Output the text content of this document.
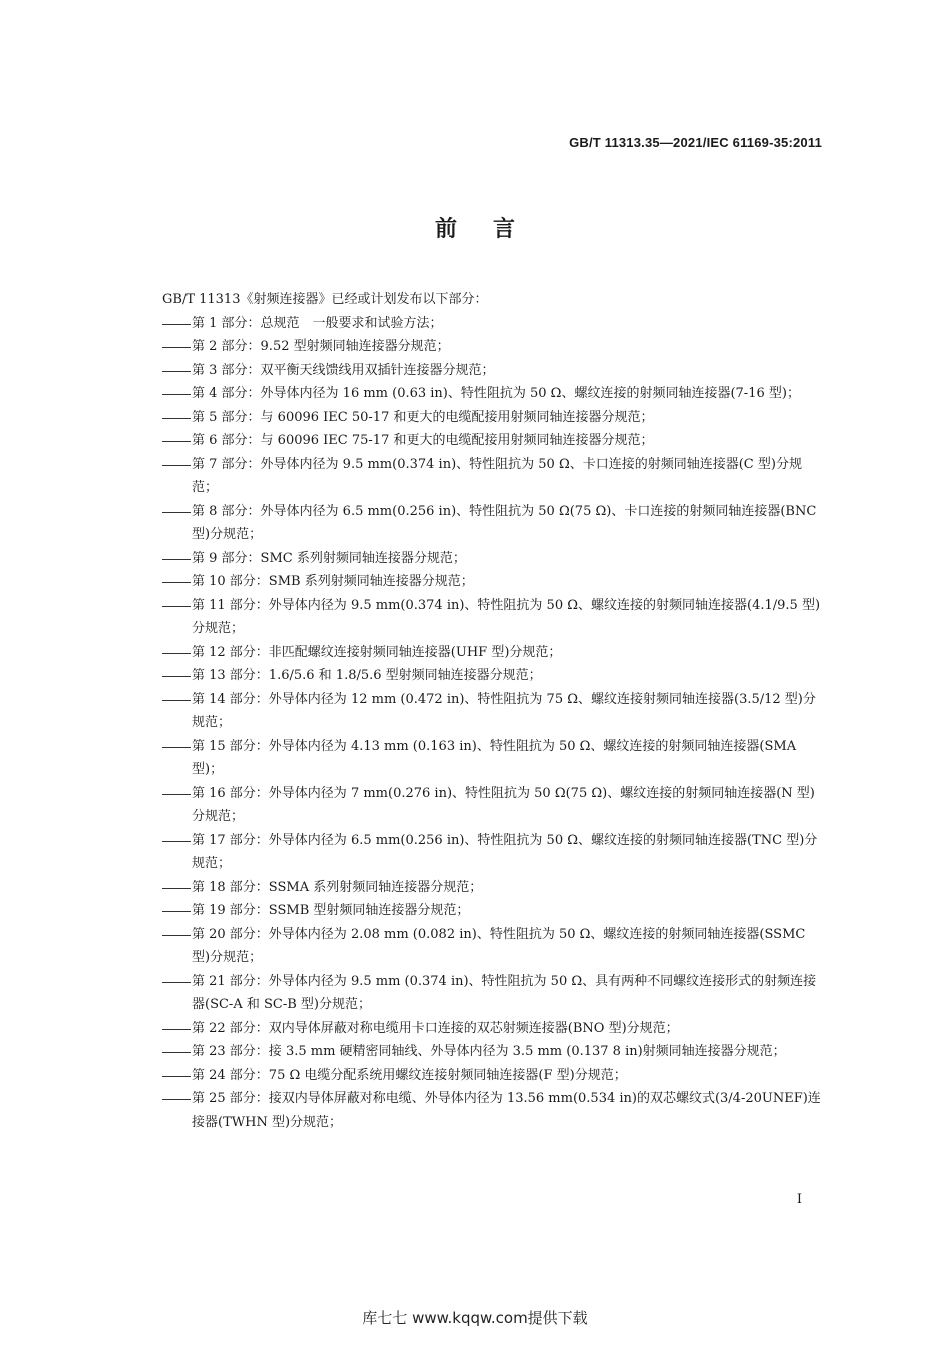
GB/T 11313.35—2021/IEC 61169-35:2011
前言

GB/T 11313《射频连接器》已经或计划发布以下部分：

第 1 部分：总规范　一般要求和试验方法；
第 2 部分：9.52 型射频同轴连接器分规范；
第 3 部分：双平衡天线馈线用双插针连接器分规范；
第 4 部分：外导体内径为 16 mm (0.63 in)、特性阻抗为 50 Ω、螺纹连接的射频同轴连接器(7-16 型)；
第 5 部分：与 60096 IEC 50-17 和更大的电缆配接用射频同轴连接器分规范；
第 6 部分：与 60096 IEC 75-17 和更大的电缆配接用射频同轴连接器分规范；
第 7 部分：外导体内径为 9.5 mm(0.374 in)、特性阻抗为 50 Ω、卡口连接的射频同轴连接器(C 型)分规范；
第 8 部分：外导体内径为 6.5 mm(0.256 in)、特性阻抗为 50 Ω(75 Ω)、卡口连接的射频同轴连接器(BNC 型)分规范；
第 9 部分：SMC 系列射频同轴连接器分规范；
第 10 部分：SMB 系列射频同轴连接器分规范；
第 11 部分：外导体内径为 9.5 mm(0.374 in)、特性阻抗为 50 Ω、螺纹连接的射频同轴连接器(4.1/9.5 型)分规范；
第 12 部分：非匹配螺纹连接射频同轴连接器(UHF 型)分规范；
第 13 部分：1.6/5.6 和 1.8/5.6 型射频同轴连接器分规范；
第 14 部分：外导体内径为 12 mm (0.472 in)、特性阻抗为 75 Ω、螺纹连接射频同轴连接器(3.5/12 型)分规范；
第 15 部分：外导体内径为 4.13 mm (0.163 in)、特性阻抗为 50 Ω、螺纹连接的射频同轴连接器(SMA 型)；
第 16 部分：外导体内径为 7 mm(0.276 in)、特性阻抗为 50 Ω(75 Ω)、螺纹连接的射频同轴连接器(N 型)分规范；
第 17 部分：外导体内径为 6.5 mm(0.256 in)、特性阻抗为 50 Ω、螺纹连接的射频同轴连接器(TNC 型)分规范；
第 18 部分：SSMA 系列射频同轴连接器分规范；
第 19 部分：SSMB 型射频同轴连接器分规范；
第 20 部分：外导体内径为 2.08 mm (0.082 in)、特性阻抗为 50 Ω、螺纹连接的射频同轴连接器(SSMC 型)分规范；
第 21 部分：外导体内径为 9.5 mm (0.374 in)、特性阻抗为 50 Ω、具有两种不同螺纹连接形式的射频连接器(SC-A 和 SC-B 型)分规范；
第 22 部分：双内导体屏蔽对称电缆用卡口连接的双芯射频连接器(BNO 型)分规范；
第 23 部分：接 3.5 mm 硬精密同轴线、外导体内径为 3.5 mm (0.137 8 in)射频同轴连接器分规范；
第 24 部分：75 Ω 电缆分配系统用螺纹连接射频同轴连接器(F 型)分规范；
第 25 部分：接双内导体屏蔽对称电缆、外导体内径为 13.56 mm(0.534 in)的双芯螺纹式(3/4-20UNEF)连接器(TWHN 型)分规范；
I
库七七 www.kqqw.com提供下载
